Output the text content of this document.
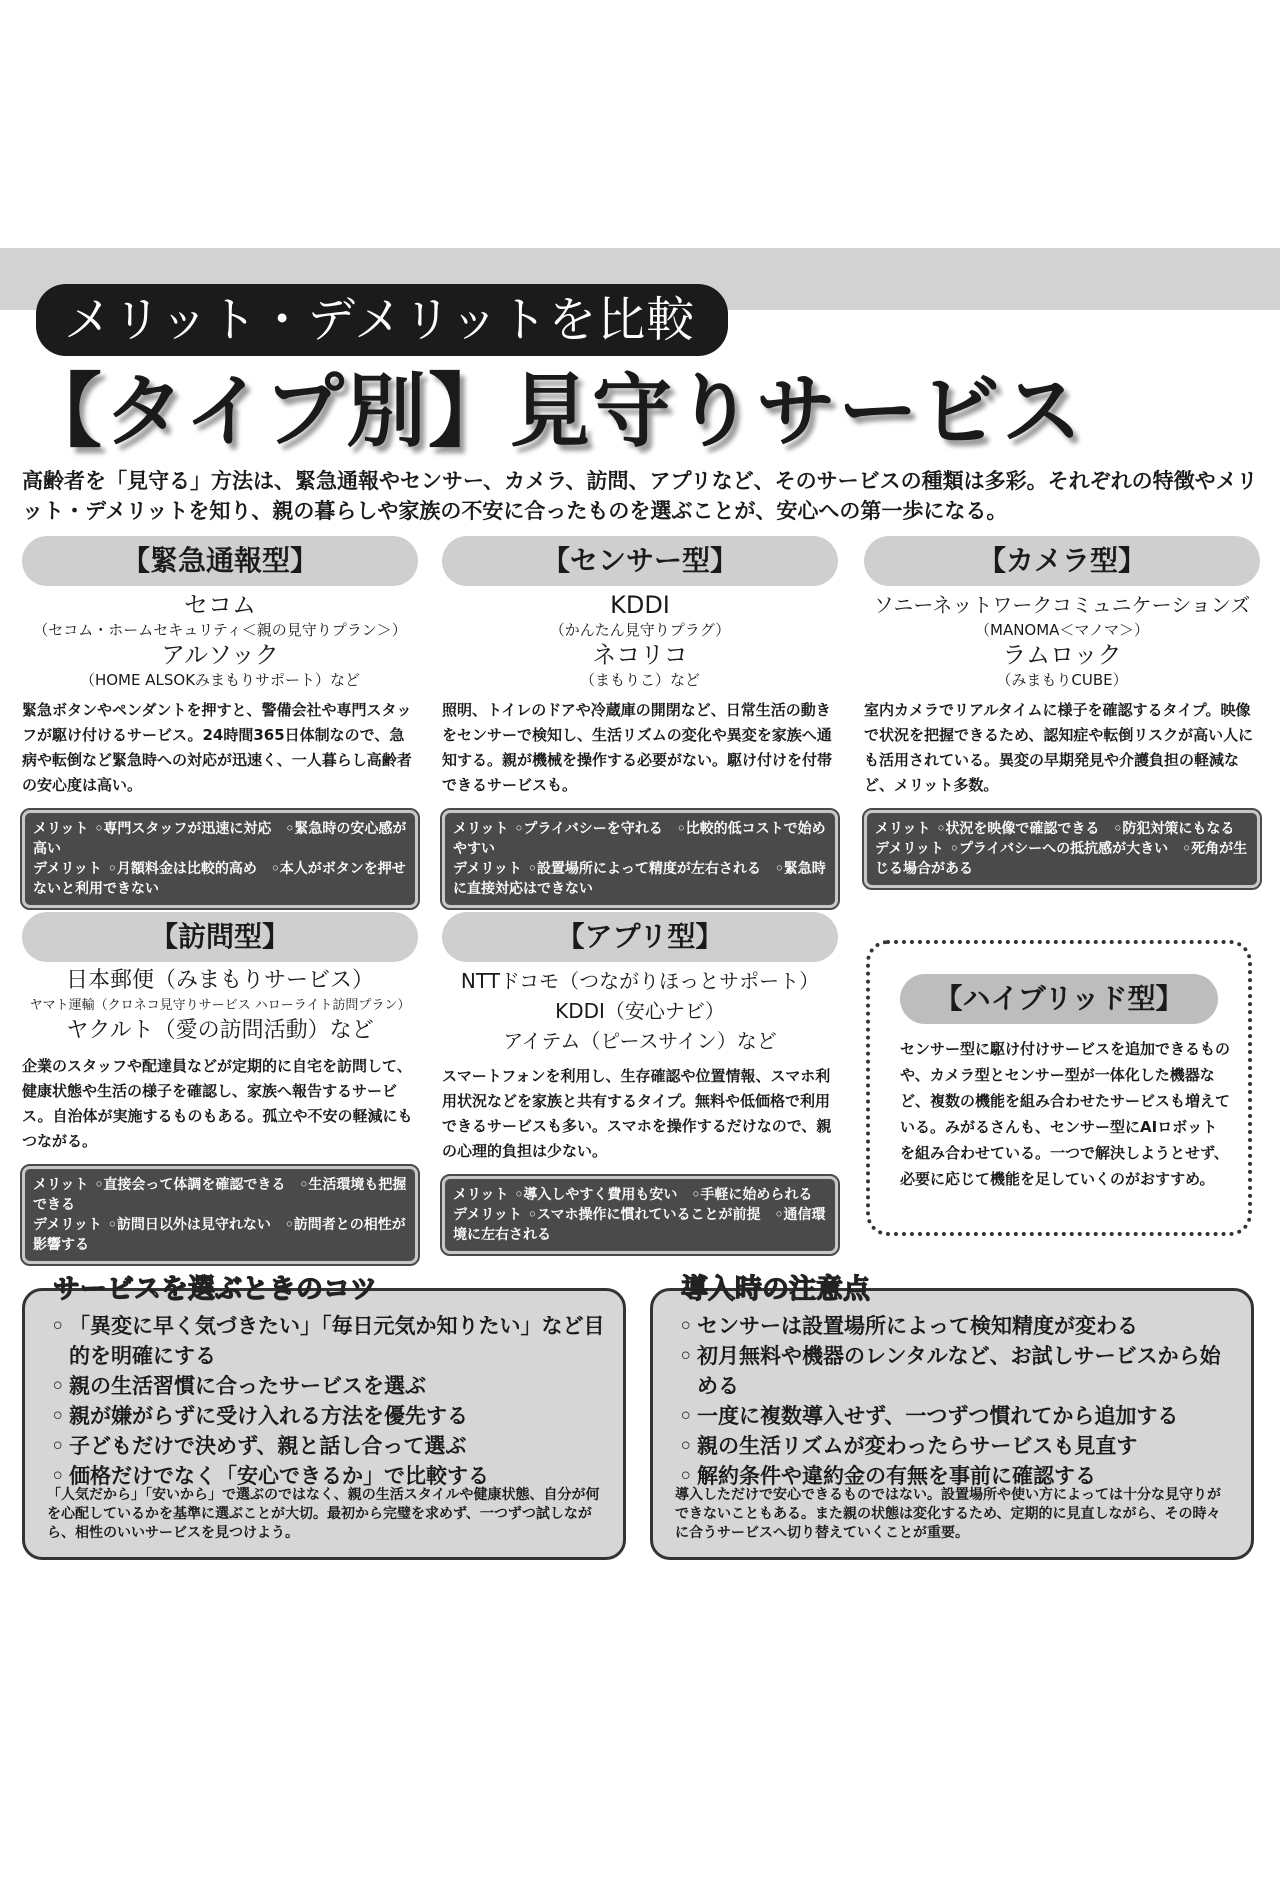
メリット・デメリットを比較
【タイプ別】見守りサービス

高齢者を「見守る」方法は、緊急通報やセンサー、カメラ、訪問、アプリなど、そのサービスの種類は多彩。それぞれの特徴やメリット・デメリットを知り、親の暮らしや家族の不安に合ったものを選ぶことが、安心への第一歩になる。

【緊急通報型】
セコム
（セコム・ホームセキュリティ＜親の見守りプラン＞）
アルソック
（HOME ALSOKみまもりサポート）など

緊急ボタンやペンダントを押すと、警備会社や専門スタッフが駆け付けるサービス。24時間365日体制なので、急病や転倒など緊急時への対応が迅速く、一人暮らし高齢者の安心度は高い。

メリット ◦専門スタッフが迅速に対応　◦緊急時の安心感が高い
デメリット ◦月額料金は比較的高め　◦本人がボタンを押せないと利用できない
【センサー型】
KDDI
（かんたん見守りプラグ）
ネコリコ
（まもりこ）など

照明、トイレのドアや冷蔵庫の開閉など、日常生活の動きをセンサーで検知し、生活リズムの変化や異変を家族へ通知する。親が機械を操作する必要がない。駆け付けを付帯できるサービスも。

メリット ◦プライバシーを守れる　◦比較的低コストで始めやすい
デメリット ◦設置場所によって精度が左右される　◦緊急時に直接対応はできない
【カメラ型】
ソニーネットワークコミュニケーションズ
（MANOMA＜マノマ＞）
ラムロック
（みまもりCUBE）

室内カメラでリアルタイムに様子を確認するタイプ。映像で状況を把握できるため、認知症や転倒リスクが高い人にも活用されている。異変の早期発見や介護負担の軽減など、メリット多数。

メリット ◦状況を映像で確認できる　◦防犯対策にもなる
デメリット ◦プライバシーへの抵抗感が大きい　◦死角が生じる場合がある
【訪問型】
日本郵便（みまもりサービス）
ヤマト運輸（クロネコ見守りサービス ハローライト訪問プラン）
ヤクルト（愛の訪問活動）など

企業のスタッフや配達員などが定期的に自宅を訪問して、健康状態や生活の様子を確認し、家族へ報告するサービス。自治体が実施するものもある。孤立や不安の軽減にもつながる。

メリット ◦直接会って体調を確認できる　◦生活環境も把握できる
デメリット ◦訪問日以外は見守れない　◦訪問者との相性が影響する
【アプリ型】
NTTドコモ（つながりほっとサポート）
KDDI（安心ナビ）
アイテム（ピースサイン）など

スマートフォンを利用し、生存確認や位置情報、スマホ利用状況などを家族と共有するタイプ。無料や低価格で利用できるサービスも多い。スマホを操作するだけなので、親の心理的負担は少ない。

メリット ◦導入しやすく費用も安い　◦手軽に始められる
デメリット ◦スマホ操作に慣れていることが前提　◦通信環境に左右される
【ハイブリッド型】

センサー型に駆け付けサービスを追加できるものや、カメラ型とセンサー型が一体化した機器など、複数の機能を組み合わせたサービスも増えている。みがるさんも、センサー型にAIロボットを組み合わせている。一つで解決しようとせず、必要に応じて機能を足していくのがおすすめ。

サービスを選ぶときのコツ
◦ 「異変に早く気づきたい」「毎日元気か知りたい」など目的を明確にする
◦ 親の生活習慣に合ったサービスを選ぶ
◦ 親が嫌がらずに受け入れる方法を優先する
◦ 子どもだけで決めず、親と話し合って選ぶ
◦ 価格だけでなく「安心できるか」で比較する

「人気だから」「安いから」で選ぶのではなく、親の生活スタイルや健康状態、自分が何を心配しているかを基準に選ぶことが大切。最初から完璧を求めず、一つずつ試しながら、相性のいいサービスを見つけよう。

導入時の注意点
◦ センサーは設置場所によって検知精度が変わる
◦ 初月無料や機器のレンタルなど、お試しサービスから始める
◦ 一度に複数導入せず、一つずつ慣れてから追加する
◦ 親の生活リズムが変わったらサービスも見直す
◦ 解約条件や違約金の有無を事前に確認する

導入しただけで安心できるものではない。設置場所や使い方によっては十分な見守りができないこともある。また親の状態は変化するため、定期的に見直しながら、その時々に合うサービスへ切り替えていくことが重要。
